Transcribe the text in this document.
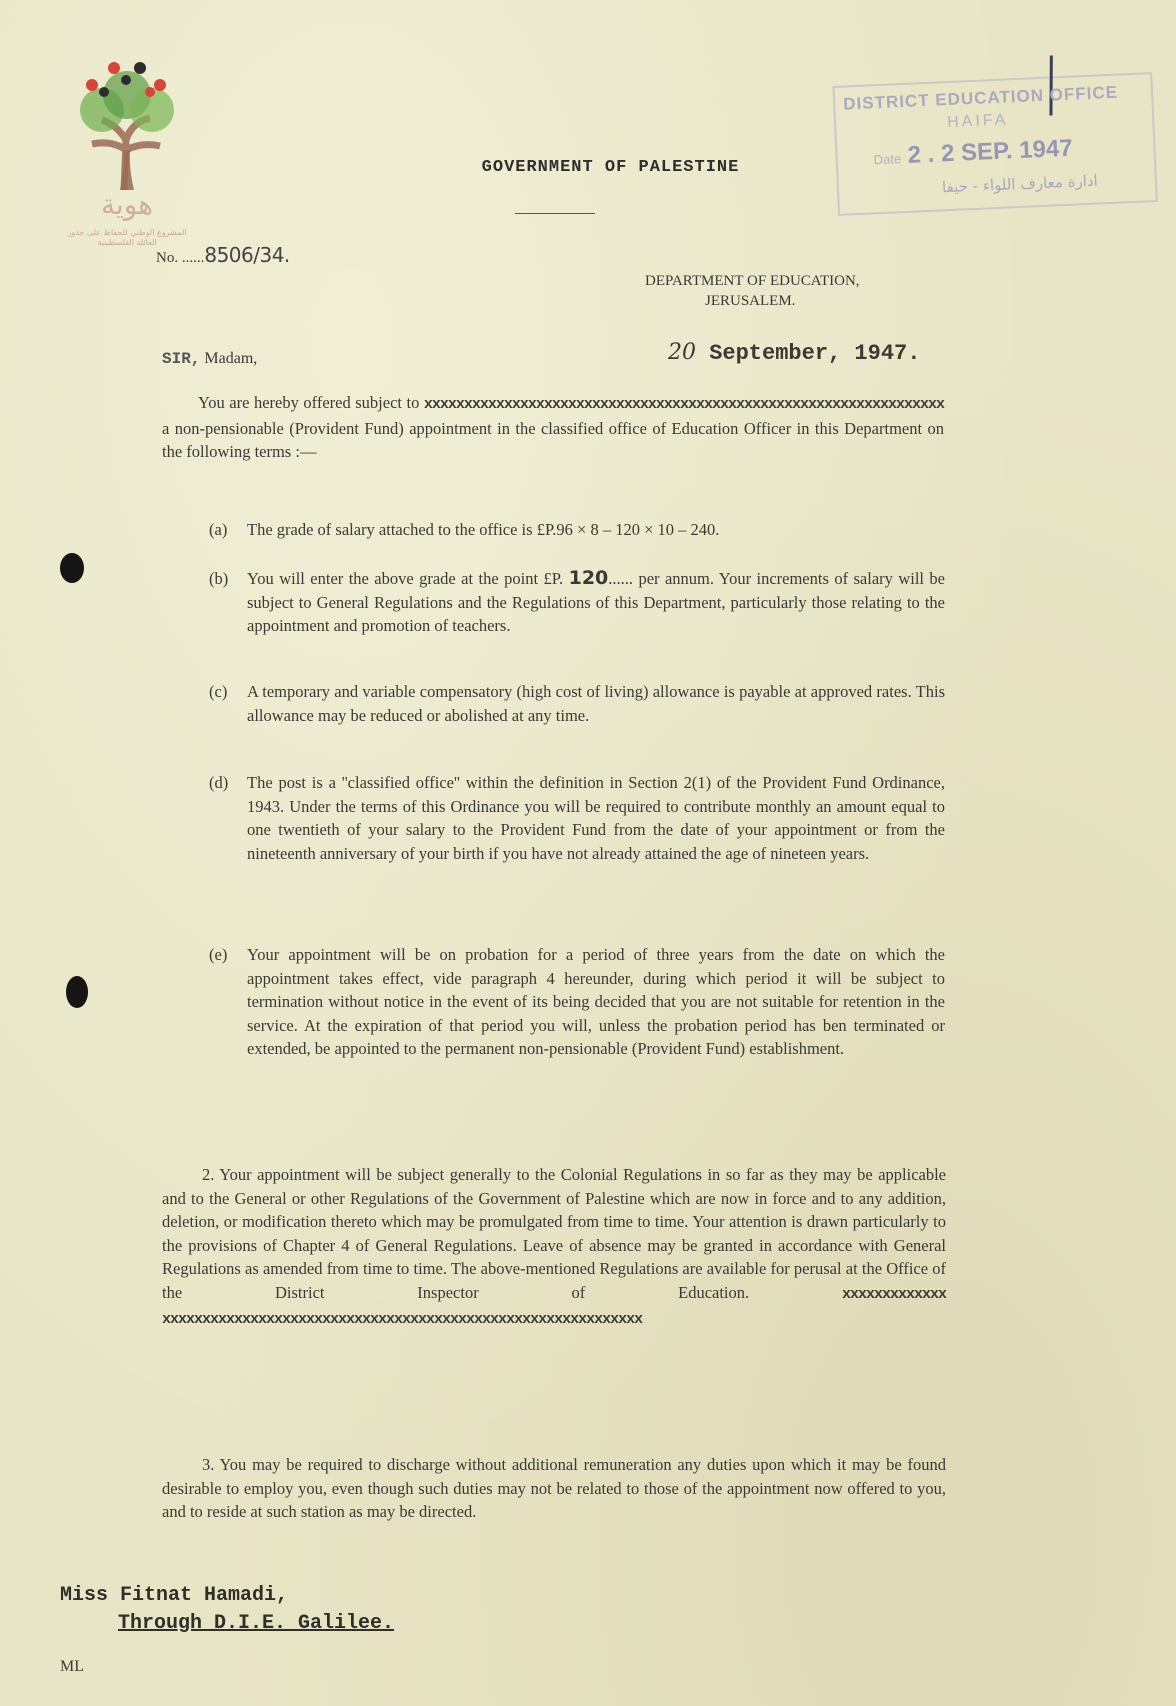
هوية
المشروع الوطني للحفاظ على جذور العائلة الفلسطينية
DISTRICT EDUCATION OFFICE
HAIFA
Date 2 . 2 SEP. 1947
ادارة معارف اللواء - حيفا
GOVERNMENT OF PALESTINE
No. ......8506/34.
DEPARTMENT OF EDUCATION,
JERUSALEM.
SIR, Madam,	20 September, 1947.
You are hereby offered subject to xxxxxxxxxxxxxxxxxxxxxxxxxxxxxxxxxxxxxxxxxxxxxxxxxxxxxxxxxxxxxxxxx a non-pensionable (Provident Fund) appointment in the classified office of Education Officer in this Department on the following terms :—
(a) The grade of salary attached to the office is £P.96 × 8 – 120 × 10 – 240.
(b) You will enter the above grade at the point £P. 120...... per annum. Your increments of salary will be subject to General Regulations and the Regulations of this Department, particularly those relating to the appointment and promotion of teachers.
(c) A temporary and variable compensatory (high cost of living) allowance is payable at approved rates. This allowance may be reduced or abolished at any time.
(d) The post is a ''classified office'' within the definition in Section 2(1) of the Provident Fund Ordinance, 1943. Under the terms of this Ordinance you will be required to contribute monthly an amount equal to one twentieth of your salary to the Provident Fund from the date of your appointment or from the nineteenth anniversary of your birth if you have not already attained the age of nineteen years.
(e) Your appointment will be on probation for a period of three years from the date on which the appointment takes effect, vide paragraph 4 hereunder, during which period it will be subject to termination without notice in the event of its being decided that you are not suitable for retention in the service. At the expiration of that period you will, unless the probation period has ben terminated or extended, be appointed to the permanent non-pensionable (Provident Fund) establishment.
2. Your appointment will be subject generally to the Colonial Regulations in so far as they may be applicable and to the General or other Regulations of the Government of Palestine which are now in force and to any addition, deletion, or modification thereto which may be promulgated from time to time. Your attention is drawn particularly to the provisions of Chapter 4 of General Regulations. Leave of absence may be granted in accordance with General Regulations as amended from time to time. The above-mentioned Regulations are available for perusal at the Office of the District Inspector of Education. xxxxxxxxxxxxx xxxxxxxxxxxxxxxxxxxxxxxxxxxxxxxxxxxxxxxxxxxxxxxxxxxxxxxxxxxx
3. You may be required to discharge without additional remuneration any duties upon which it may be found desirable to employ you, even though such duties may not be related to those of the appointment now offered to you, and to reside at such station as may be directed.
Miss Fitnat Hamadi,
Through D.I.E. Galilee.
ML
